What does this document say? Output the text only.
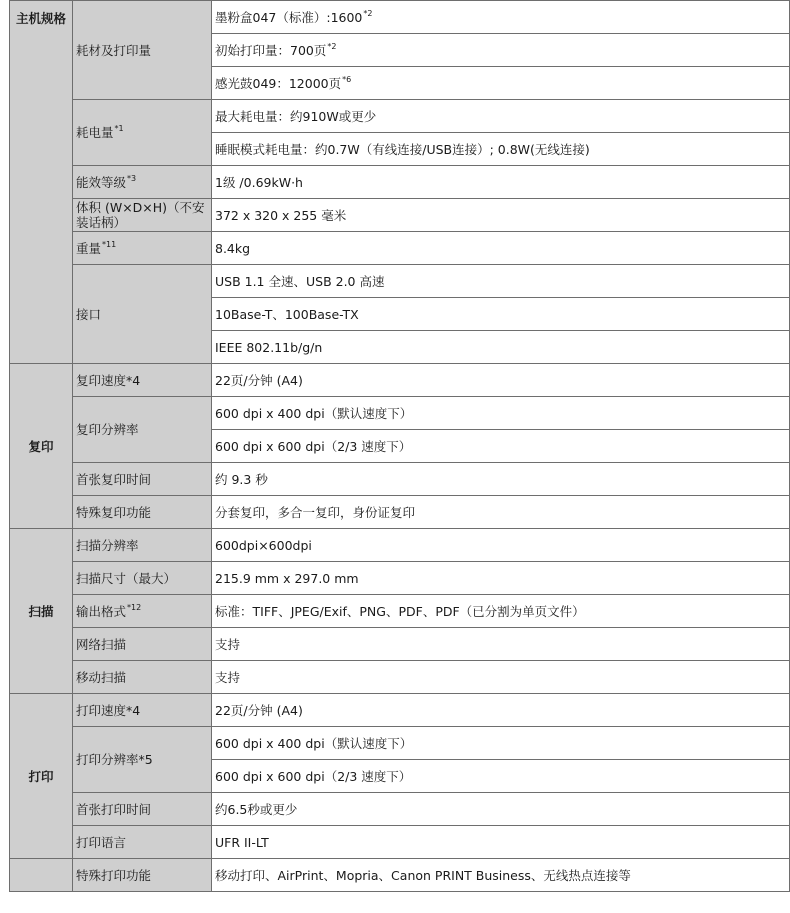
主机规格	耗材及打印量	墨粉盒047（标准）:1600$^{*2}$
		初始打印量：700页$^{*2}$
		感光鼓049：12000页$^{*6}$
	耗电量$^{*1}$	最大耗电量：约910W或更少
		睡眠模式耗电量：约0.7W（有线连接/USB连接）; 0.8W(无线连接)
	能效等级$^{*3}$	1级 /0.69kW·h
	体积 (W×D×H)（不安装话柄）	372 x 320 x 255 毫米
	重量$^{*11}$	8.4kg
	接口	USB 1.1 全速、USB 2.0 高速
		10Base-T、100Base-TX
		IEEE 802.11b/g/n
复印	复印速度*4	22页/分钟 (A4)
	复印分辨率	600 dpi x 400 dpi（默认速度下）
		600 dpi x 600 dpi（2/3 速度下）
	首张复印时间	约 9.3 秒
	特殊复印功能	分套复印，多合一复印，身份证复印
扫描	扫描分辨率	600dpi×600dpi
	扫描尺寸（最大）	215.9 mm x 297.0 mm
	输出格式$^{*12}$	标准：TIFF、JPEG/Exif、PNG、PDF、PDF（已分割为单页文件）
	网络扫描	支持
	移动扫描	支持
打印	打印速度*4	22页/分钟 (A4)
	打印分辨率*5	600 dpi x 400 dpi（默认速度下）
		600 dpi x 600 dpi（2/3 速度下）
	首张打印时间	约6.5秒或更少
	打印语言	UFR II-LT
	特殊打印功能	移动打印、AirPrint、Mopria、Canon PRINT Business、无线热点连接等
